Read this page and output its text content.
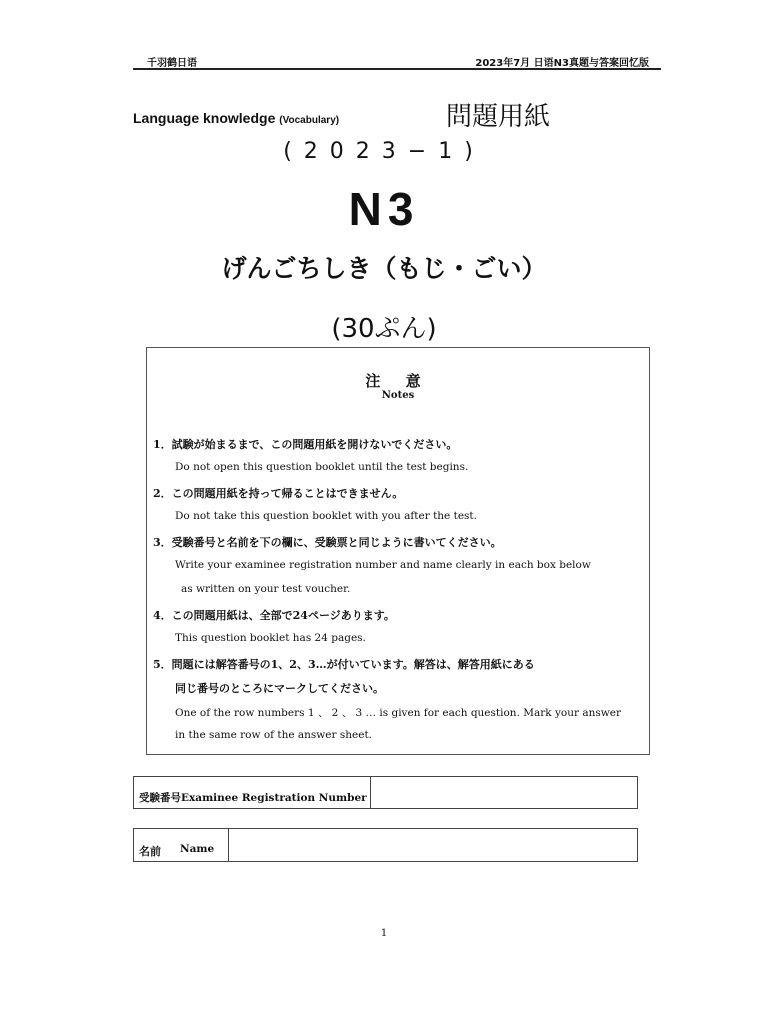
千羽鹤日语	2023年7月 日语N3真题与答案回忆版
Language knowledge (Vocabulary)	問題用紙
(2023−1)
N3
げんごちしき（もじ・ごい）
(30ぷん)
注 意
Notes
1．試験が始まるまで、この問題用紙を開けないでください。
Do not open this question booklet until the test begins.
2．この問題用紙を持って帰ることはできません。
Do not take this question booklet with you after the test.
3．受験番号と名前を下の欄に、受験票と同じように書いてください。
Write your examinee registration number and name clearly in each box below
as written on your test voucher.
4．この問題用紙は、全部で24ページあります。
This question booklet has 24 pages.
5．問題には解答番号の1、2、3…が付いています。解答は、解答用紙にある
同じ番号のところにマークしてください。
One of the row numbers 1 、 2 、 3 … is given for each question. Mark your answer
in the same row of the answer sheet.
受験番号Examinee Registration Number
名前 Name
1
